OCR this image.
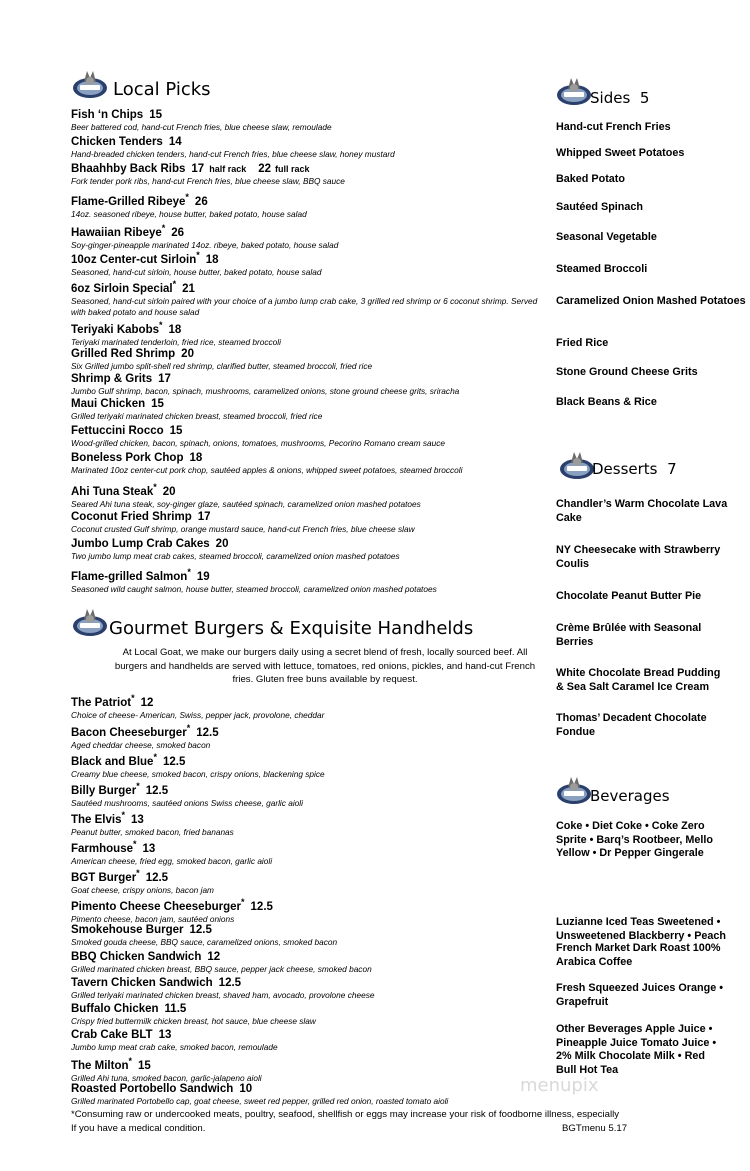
Local Picks
Fish ‘n Chips 15
Beer battered cod, hand-cut French fries, blue cheese slaw, remoulade
Chicken Tenders 14
Hand-breaded chicken tenders, hand-cut French fries, blue cheese slaw, honey mustard
Bhaahhby Back Ribs 17 half rack 22 full rack
Fork tender pork ribs, hand-cut French fries, blue cheese slaw, BBQ sauce
Flame-Grilled Ribeye* 26
14oz. seasoned ribeye, house butter, baked potato, house salad
Hawaiian Ribeye* 26
Soy-ginger-pineapple marinated 14oz. ribeye, baked potato, house salad
10oz Center-cut Sirloin* 18
Seasoned, hand-cut sirloin, house butter, baked potato, house salad
6oz Sirloin Special* 21
Seasoned, hand-cut sirloin paired with your choice of a jumbo lump crab cake, 3 grilled red shrimp or 6 coconut shrimp. Served with baked potato and house salad
Teriyaki Kabobs* 18
Teriyaki marinated tenderloin, fried rice, steamed broccoli
Grilled Red Shrimp 20
Six Grilled jumbo split-shell red shrimp, clarified butter, steamed broccoli, fried rice
Shrimp & Grits 17
Jumbo Gulf shrimp, bacon, spinach, mushrooms, caramelized onions, stone ground cheese grits, sriracha
Maui Chicken 15
Grilled teriyaki marinated chicken breast, steamed broccoli, fried rice
Fettuccini Rocco 15
Wood-grilled chicken, bacon, spinach, onions, tomatoes, mushrooms, Pecorino Romano cream sauce
Boneless Pork Chop 18
Marinated 10oz center-cut pork chop, sautéed apples & onions, whipped sweet potatoes, steamed broccoli
Ahi Tuna Steak* 20
Seared Ahi tuna steak, soy-ginger glaze, sautéed spinach, caramelized onion mashed potatoes
Coconut Fried Shrimp 17
Coconut crusted Gulf shrimp, orange mustard sauce, hand-cut French fries, blue cheese slaw
Jumbo Lump Crab Cakes 20
Two jumbo lump meat crab cakes, steamed broccoli, caramelized onion mashed potatoes
Flame-grilled Salmon* 19
Seasoned wild caught salmon, house butter, steamed broccoli, caramelized onion mashed potatoes
Gourmet Burgers & Exquisite Handhelds
At Local Goat, we make our burgers daily using a secret blend of fresh, locally sourced beef. All burgers and handhelds are served with lettuce, tomatoes, red onions, pickles, and hand-cut French fries. Gluten free buns available by request.
The Patriot* 12
Choice of cheese- American, Swiss, pepper jack, provolone, cheddar
Bacon Cheeseburger* 12.5
Aged cheddar cheese, smoked bacon
Black and Blue* 12.5
Creamy blue cheese, smoked bacon, crispy onions, blackening spice
Billy Burger* 12.5
Sautéed mushrooms, sautéed onions Swiss cheese, garlic aioli
The Elvis* 13
Peanut butter, smoked bacon, fried bananas
Farmhouse* 13
American cheese, fried egg, smoked bacon, garlic aioli
BGT Burger* 12.5
Goat cheese, crispy onions, bacon jam
Pimento Cheese Cheeseburger* 12.5
Pimento cheese, bacon jam, sautéed onions
Smokehouse Burger 12.5
Smoked gouda cheese, BBQ sauce, caramelized onions, smoked bacon
BBQ Chicken Sandwich 12
Grilled marinated chicken breast, BBQ sauce, pepper jack cheese, smoked bacon
Tavern Chicken Sandwich 12.5
Grilled teriyaki marinated chicken breast, shaved ham, avocado, provolone cheese
Buffalo Chicken 11.5
Crispy fried buttermilk chicken breast, hot sauce, blue cheese slaw
Crab Cake BLT 13
Jumbo lump meat crab cake, smoked bacon, remoulade
The Milton* 15
Grilled Ahi tuna, smoked bacon, garlic-jalapeno aioli
Roasted Portobello Sandwich 10
Grilled marinated Portobello cap, goat cheese, sweet red pepper, grilled red onion, roasted tomato aioli
Sides 5
Hand-cut French Fries
Whipped Sweet Potatoes
Baked Potato
Sautéed Spinach
Seasonal Vegetable
Steamed Broccoli
Caramelized Onion Mashed Potatoes
Fried Rice
Stone Ground Cheese Grits
Black Beans & Rice
Desserts 7
Chandler’s Warm Chocolate Lava Cake
NY Cheesecake with Strawberry Coulis
Chocolate Peanut Butter Pie
Crème Brûlée with Seasonal Berries
White Chocolate Bread Pudding & Sea Salt Caramel Ice Cream
Thomas’ Decadent Chocolate Fondue
Beverages
Coke • Diet Coke • Coke Zero Sprite • Barq’s Rootbeer, Mello Yellow • Dr Pepper Gingerale
Luzianne Iced Teas Sweetened • Unsweetened Blackberry • Peach
French Market Dark Roast 100% Arabica Coffee
Fresh Squeezed Juices Orange • Grapefruit
Other Beverages Apple Juice • Pineapple Juice Tomato Juice • 2% Milk Chocolate Milk • Red Bull Hot Tea
*Consuming raw or undercooked meats, poultry, seafood, shellfish or eggs may increase your risk of foodborne illness, especially
If you have a medical condition.	BGTmenu 5.17
menupix
